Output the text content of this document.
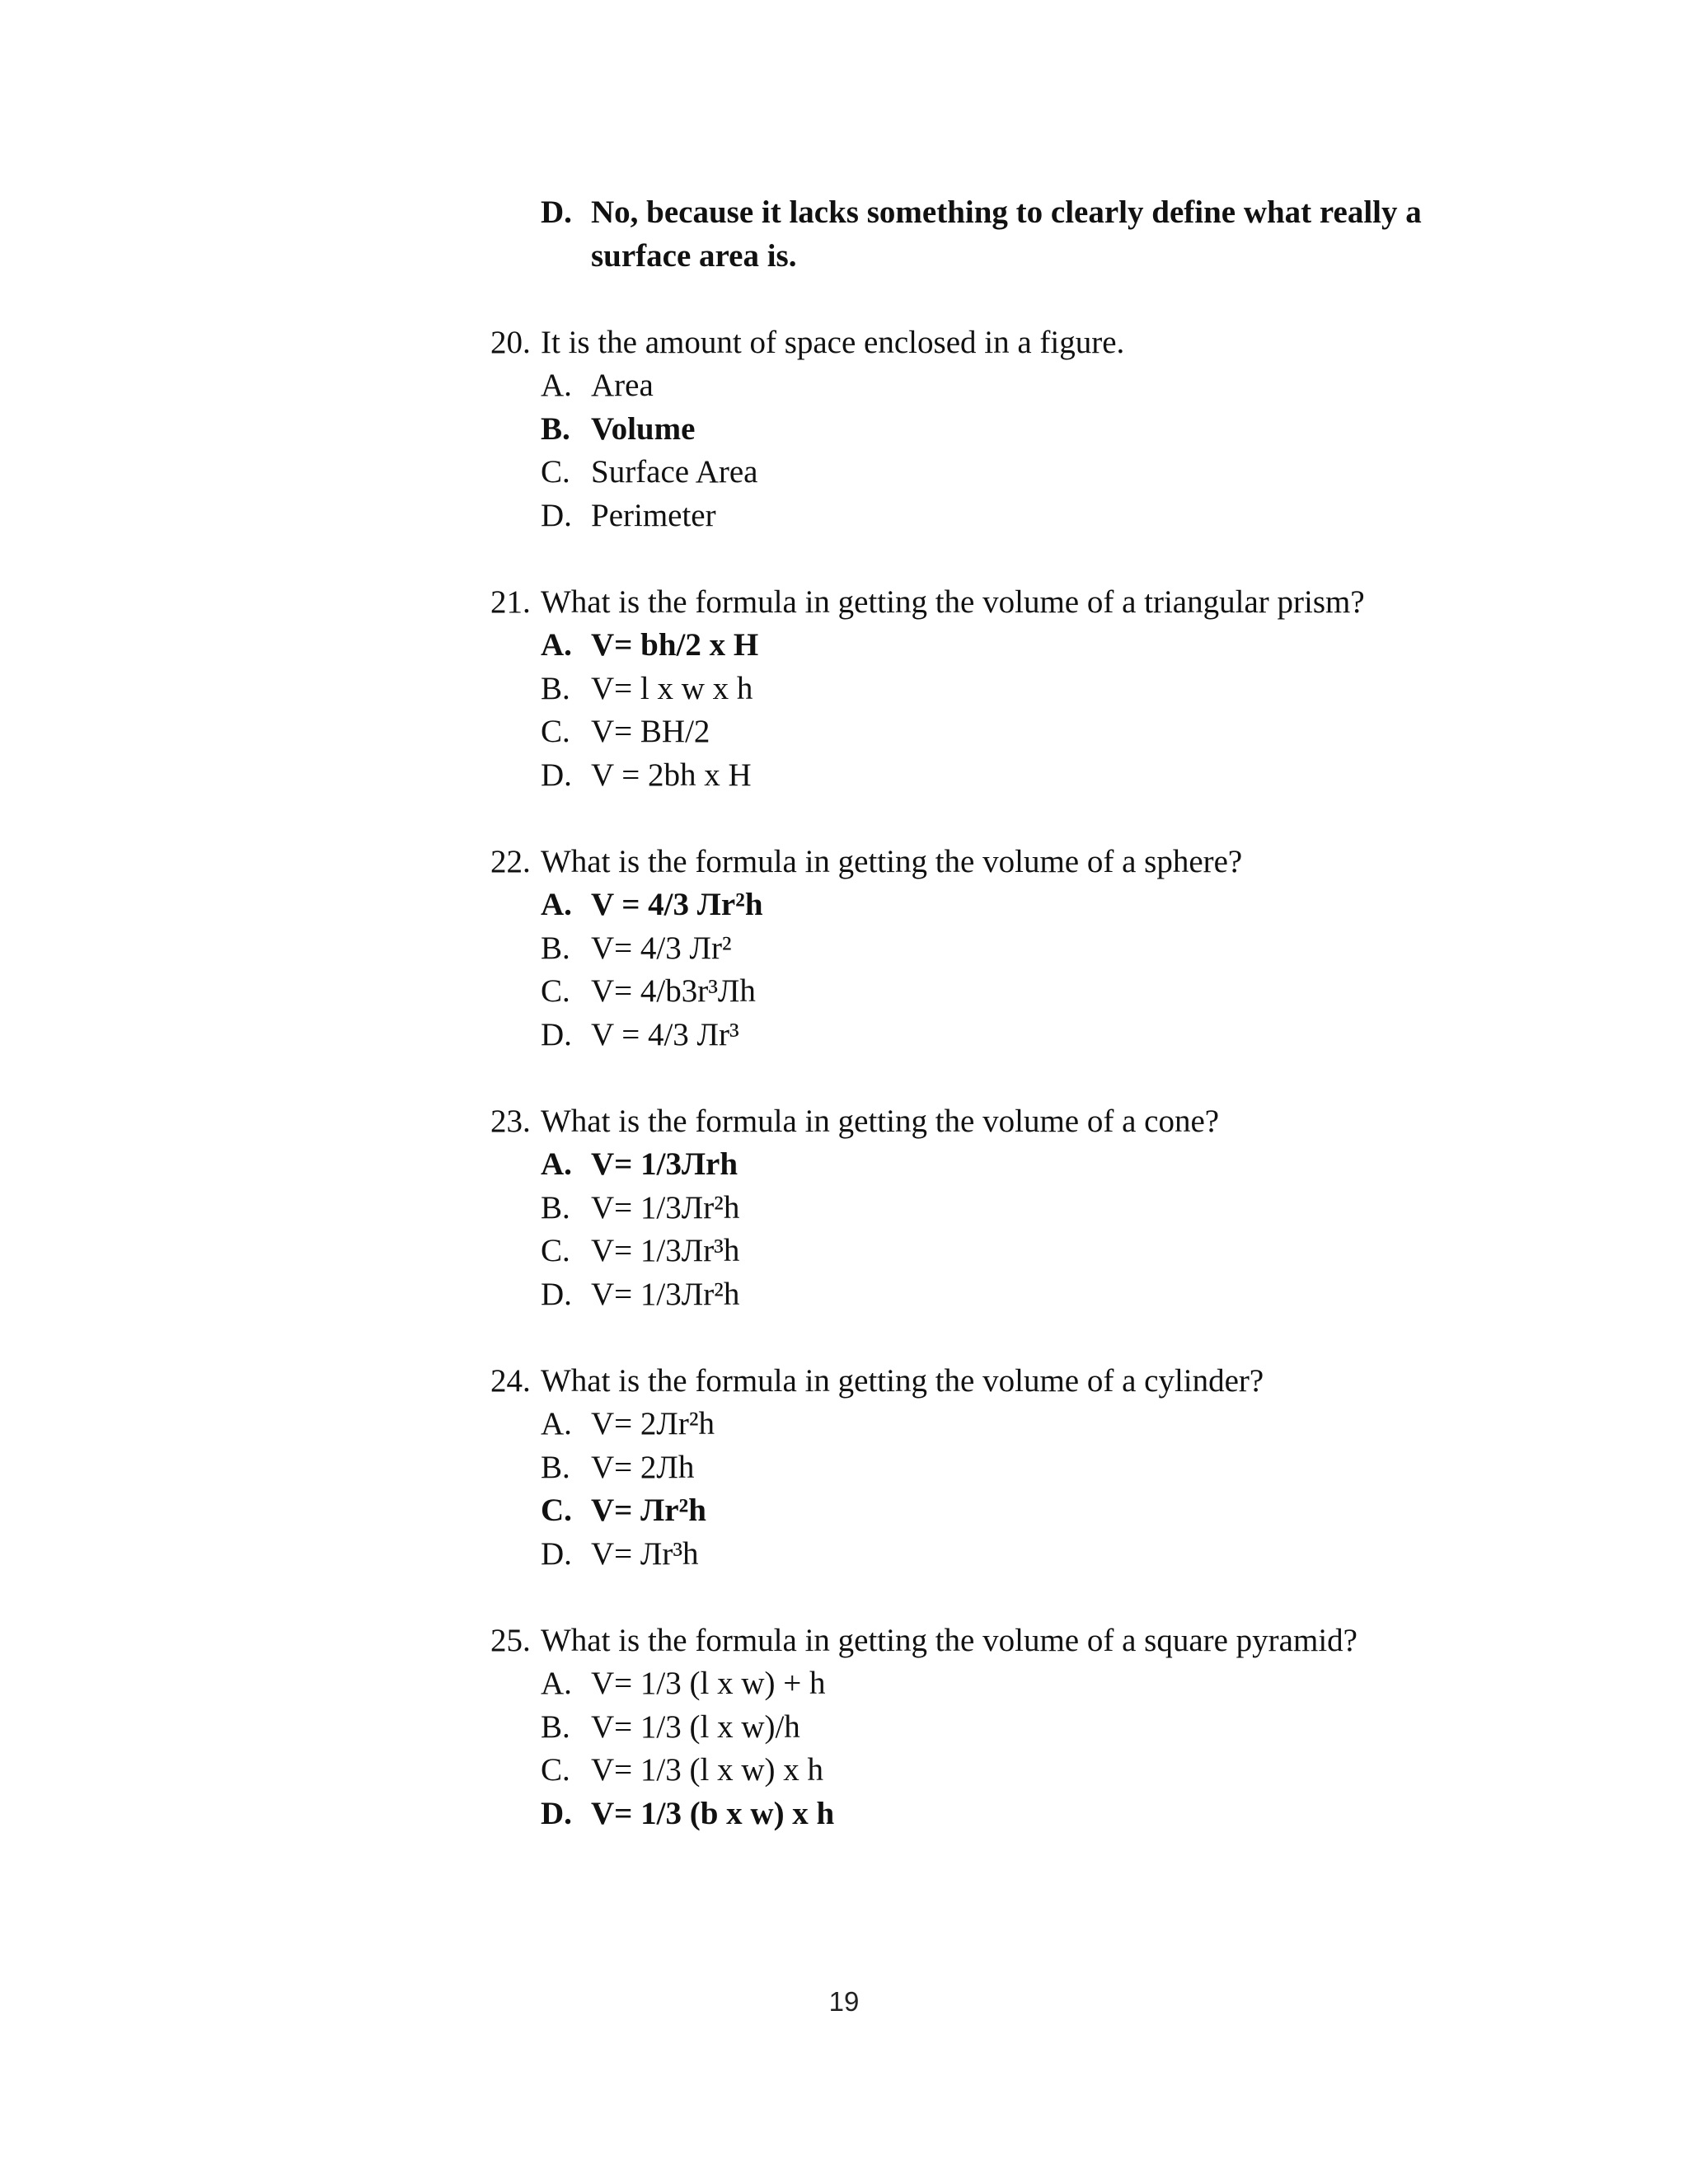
D. No, because it lacks something to clearly define what really a
surface area is.
20. It is the amount of space enclosed in a figure.
A. Area
B. Volume
C. Surface Area
D. Perimeter
21. What is the formula in getting the volume of a triangular prism?
A. V= bh/2 x H
B. V= l x w x h
C. V= BH/2
D. V = 2bh x H
22. What is the formula in getting the volume of a sphere?
A. V = 4/3 Лr²h
B. V= 4/3 Лr²
C. V= 4/b3r³Лh
D. V = 4/3 Лr³
23. What is the formula in getting the volume of a cone?
A. V= 1/3Лrh
B. V= 1/3Лr²h
C. V= 1/3Лr³h
D. V= 1/3Лr²h
24. What is the formula in getting the volume of a cylinder?
A. V= 2Лr²h
B. V= 2Лh
C. V= Лr²h
D. V= Лr³h
25. What is the formula in getting the volume of a square pyramid?
A. V= 1/3 (l x w) + h
B. V= 1/3 (l x w)/h
C. V= 1/3 (l x w) x h
D. V= 1/3 (b x w) x h
19
